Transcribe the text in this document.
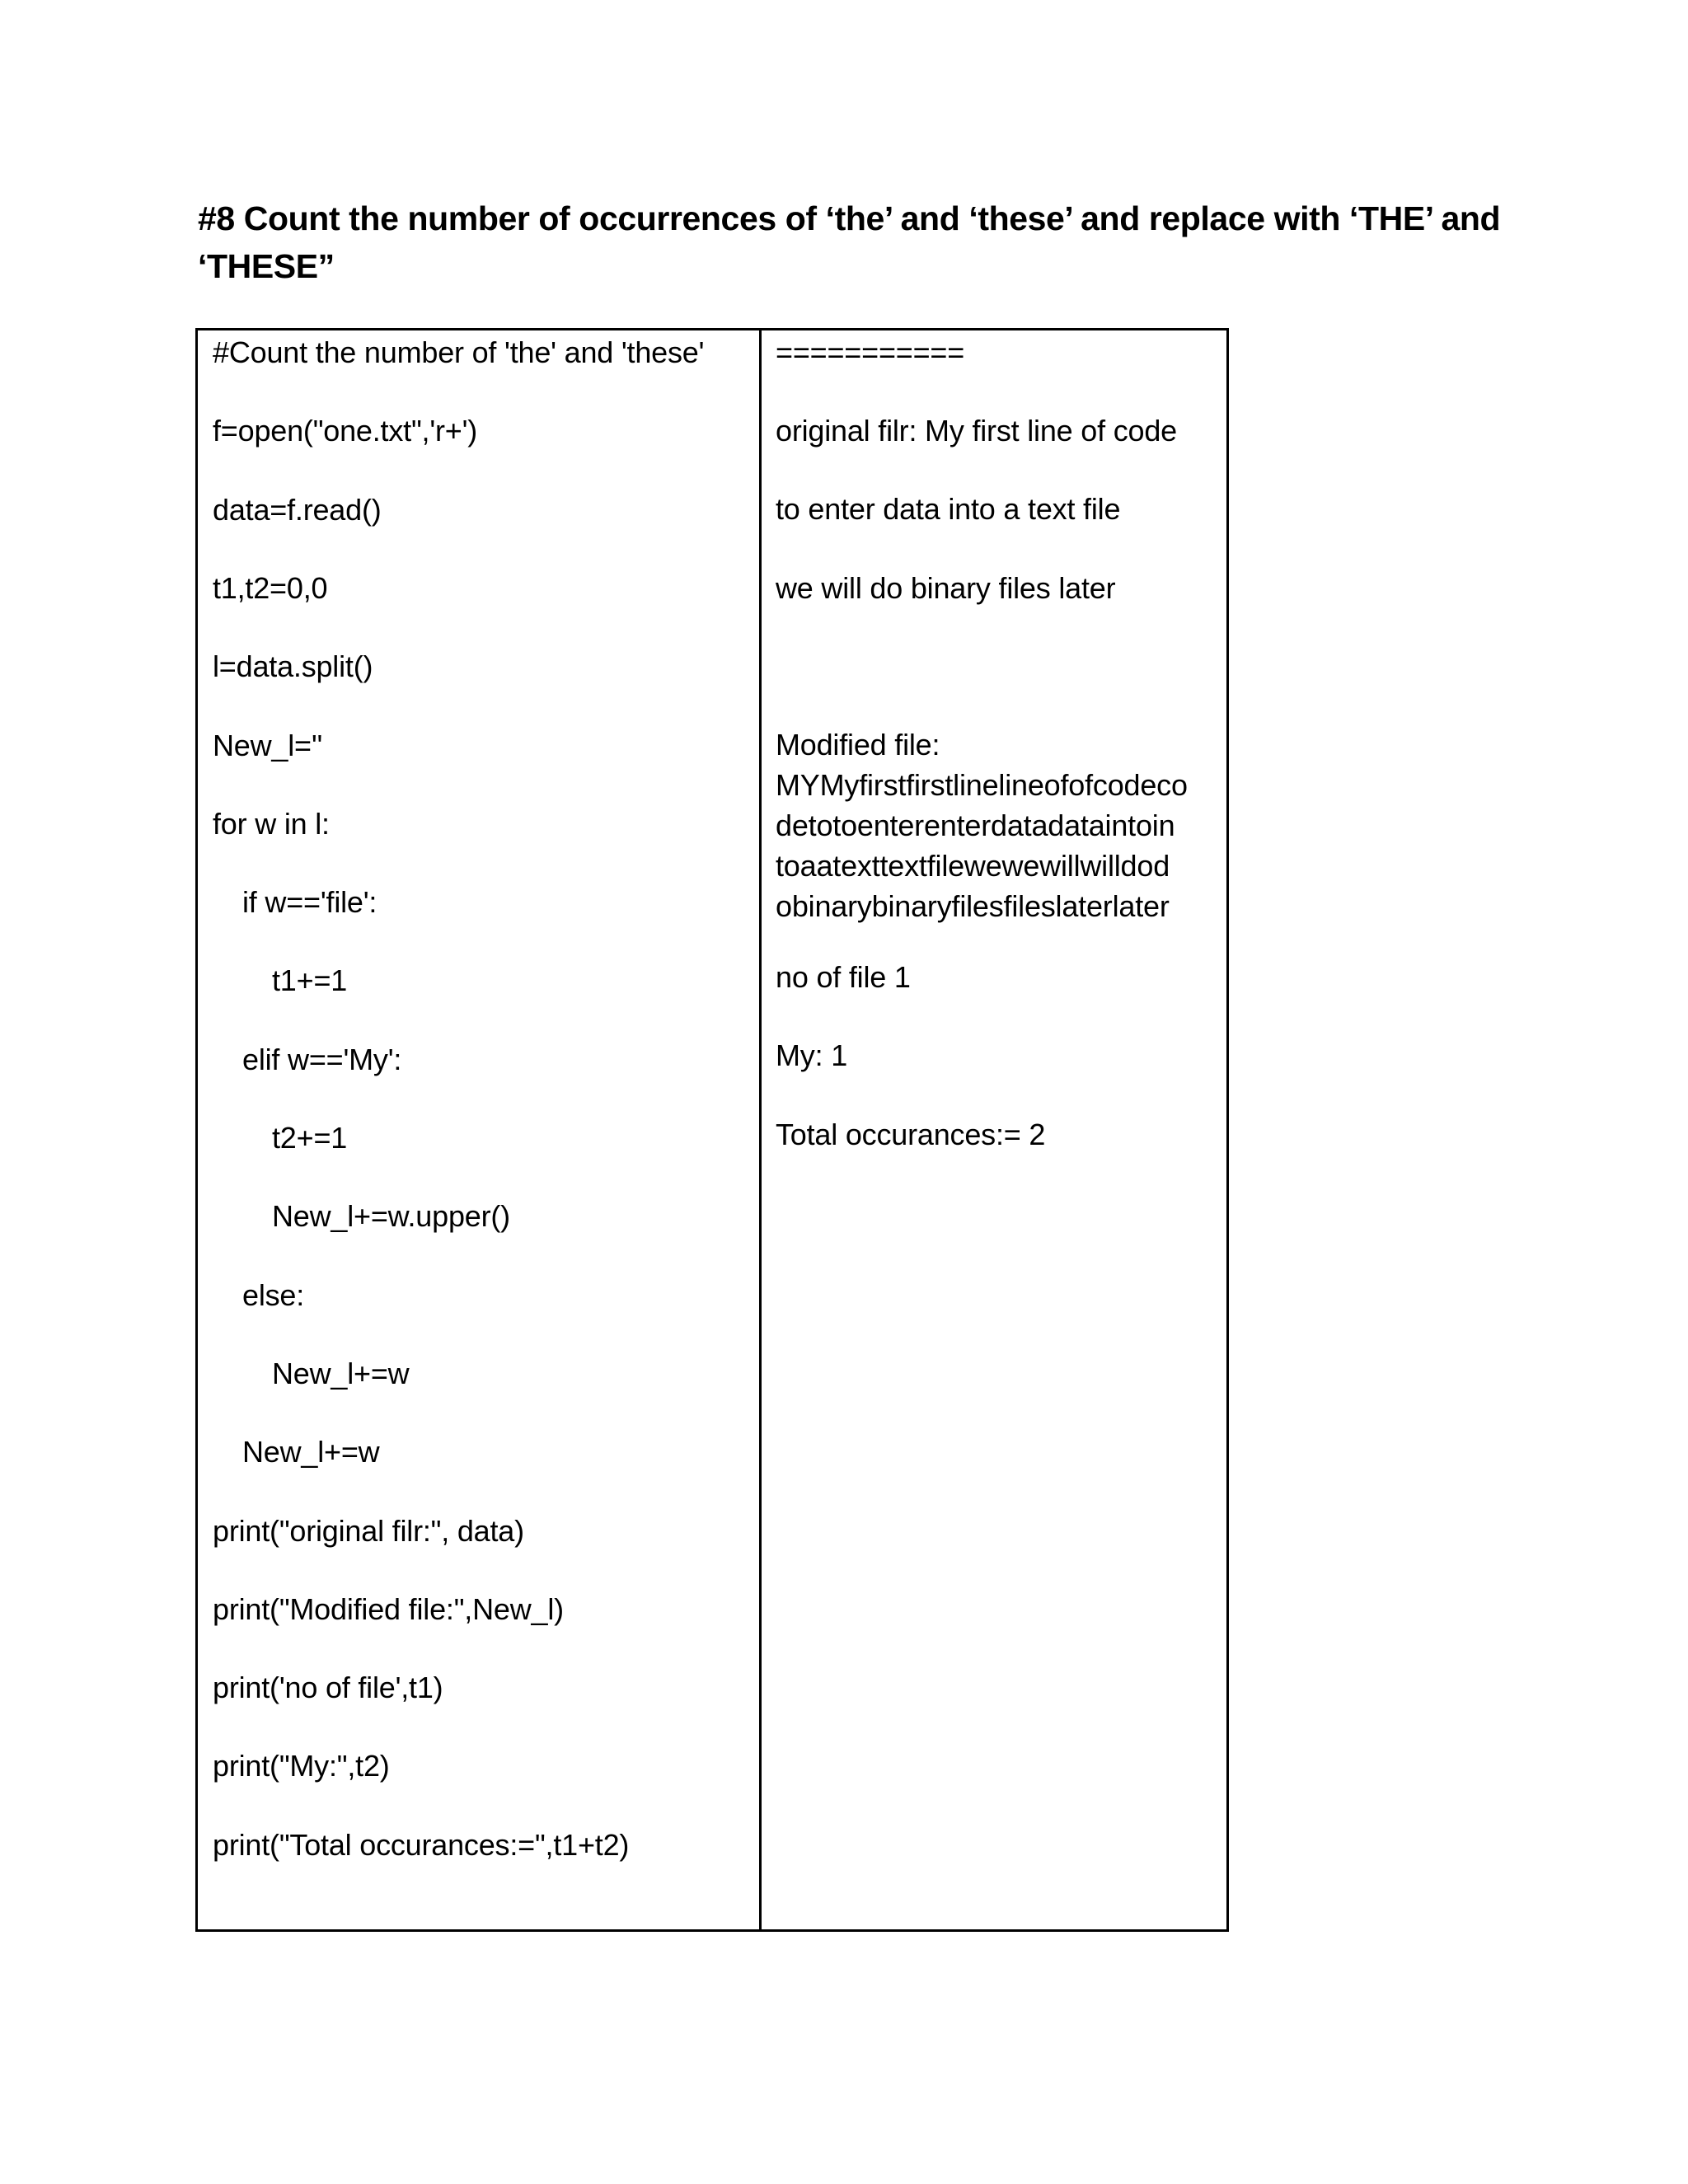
#8 Count the number of occurrences of ‘the’ and ‘these’ and replace with ‘THE’ and ‘THESE”
#Count the number of 'the' and 'these'
f=open("one.txt",'r+')
data=f.read()
t1,t2=0,0
l=data.split()
New_l=''
for w in l:
if w=='file':
t1+=1
elif w=='My':
t2+=1
New_l+=w.upper()
else:
New_l+=w
New_l+=w
print("original filr:", data)
print("Modified file:",New_l)
print('no of file',t1)
print("My:",t2)
print("Total occurances:=",t1+t2)
===========
original filr: My first line of code
to enter data into a text file
we will do binary files later
Modified file:
MYMyfirstfirstlinelineofofcodeco
detotoenterenterdatadataintoin
toaatexttextfilewewewillwilldod
obinarybinaryfilesfileslaterlater
no of file 1
My: 1
Total occurances:= 2
